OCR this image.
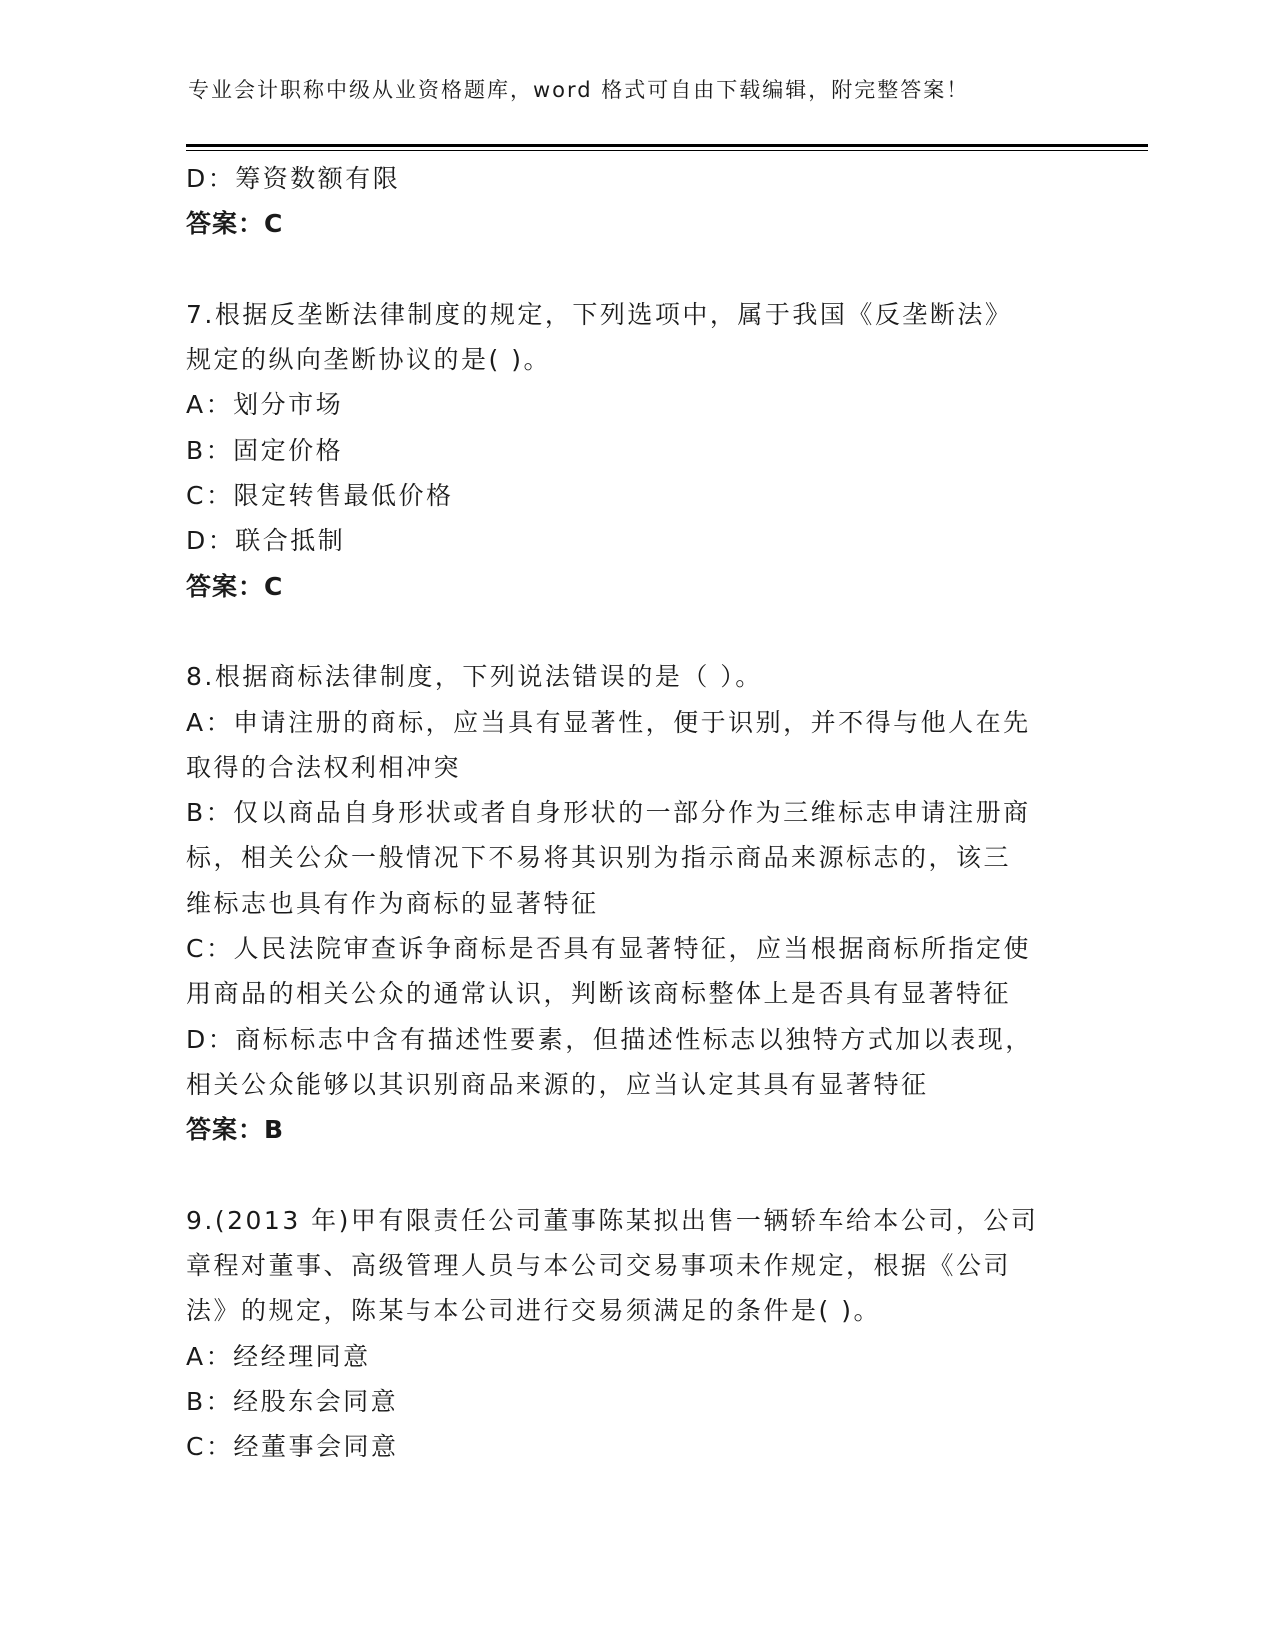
专业会计职称中级从业资格题库，word 格式可自由下载编辑，附完整答案！
D：筹资数额有限
答案：C
7.根据反垄断法律制度的规定，下列选项中，属于我国《反垄断法》
规定的纵向垄断协议的是( )。
A：划分市场
B：固定价格
C：限定转售最低价格
D：联合抵制
答案：C
8.根据商标法律制度，下列说法错误的是（ ）。
A：申请注册的商标，应当具有显著性，便于识别，并不得与他人在先
取得的合法权利相冲突
B：仅以商品自身形状或者自身形状的一部分作为三维标志申请注册商
标，相关公众一般情况下不易将其识别为指示商品来源标志的，该三
维标志也具有作为商标的显著特征
C：人民法院审查诉争商标是否具有显著特征，应当根据商标所指定使
用商品的相关公众的通常认识，判断该商标整体上是否具有显著特征
D：商标标志中含有描述性要素，但描述性标志以独特方式加以表现，
相关公众能够以其识别商品来源的，应当认定其具有显著特征
答案：B
9.(2013 年)甲有限责任公司董事陈某拟出售一辆轿车给本公司，公司
章程对董事、高级管理人员与本公司交易事项未作规定，根据《公司
法》的规定，陈某与本公司进行交易须满足的条件是( )。
A：经经理同意
B：经股东会同意
C：经董事会同意
